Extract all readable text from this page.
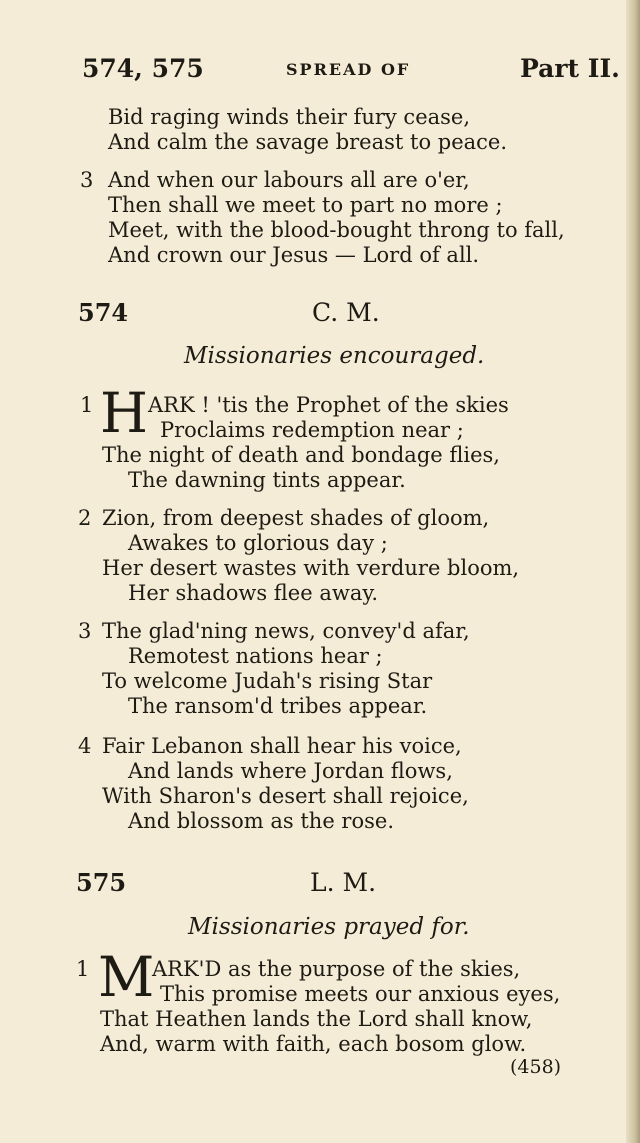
574, 575	SPREAD OF	Part II.
Bid raging winds their fury cease,
And calm the savage breast to peace.
3 And when our labours all are o'er,
Then shall we meet to part no more ;
Meet, with the blood-bought throng to fall,
And crown our Jesus — Lord of all.
574	C. M.
Missionaries encouraged.
1 H ARK ! 'tis the Prophet of the skies
Proclaims redemption near ;
The night of death and bondage flies,
The dawning tints appear.
2 Zion, from deepest shades of gloom,
Awakes to glorious day ;
Her desert wastes with verdure bloom,
Her shadows flee away.
3 The glad'ning news, convey'd afar,
Remotest nations hear ;
To welcome Judah's rising Star
The ransom'd tribes appear.
4 Fair Lebanon shall hear his voice,
And lands where Jordan flows,
With Sharon's desert shall rejoice,
And blossom as the rose.
575	L. M.
Missionaries prayed for.
1 M
ARK'D as the purpose of the skies,
This promise meets our anxious eyes,
That Heathen lands the Lord shall know,
And, warm with faith, each bosom glow.
(458)
